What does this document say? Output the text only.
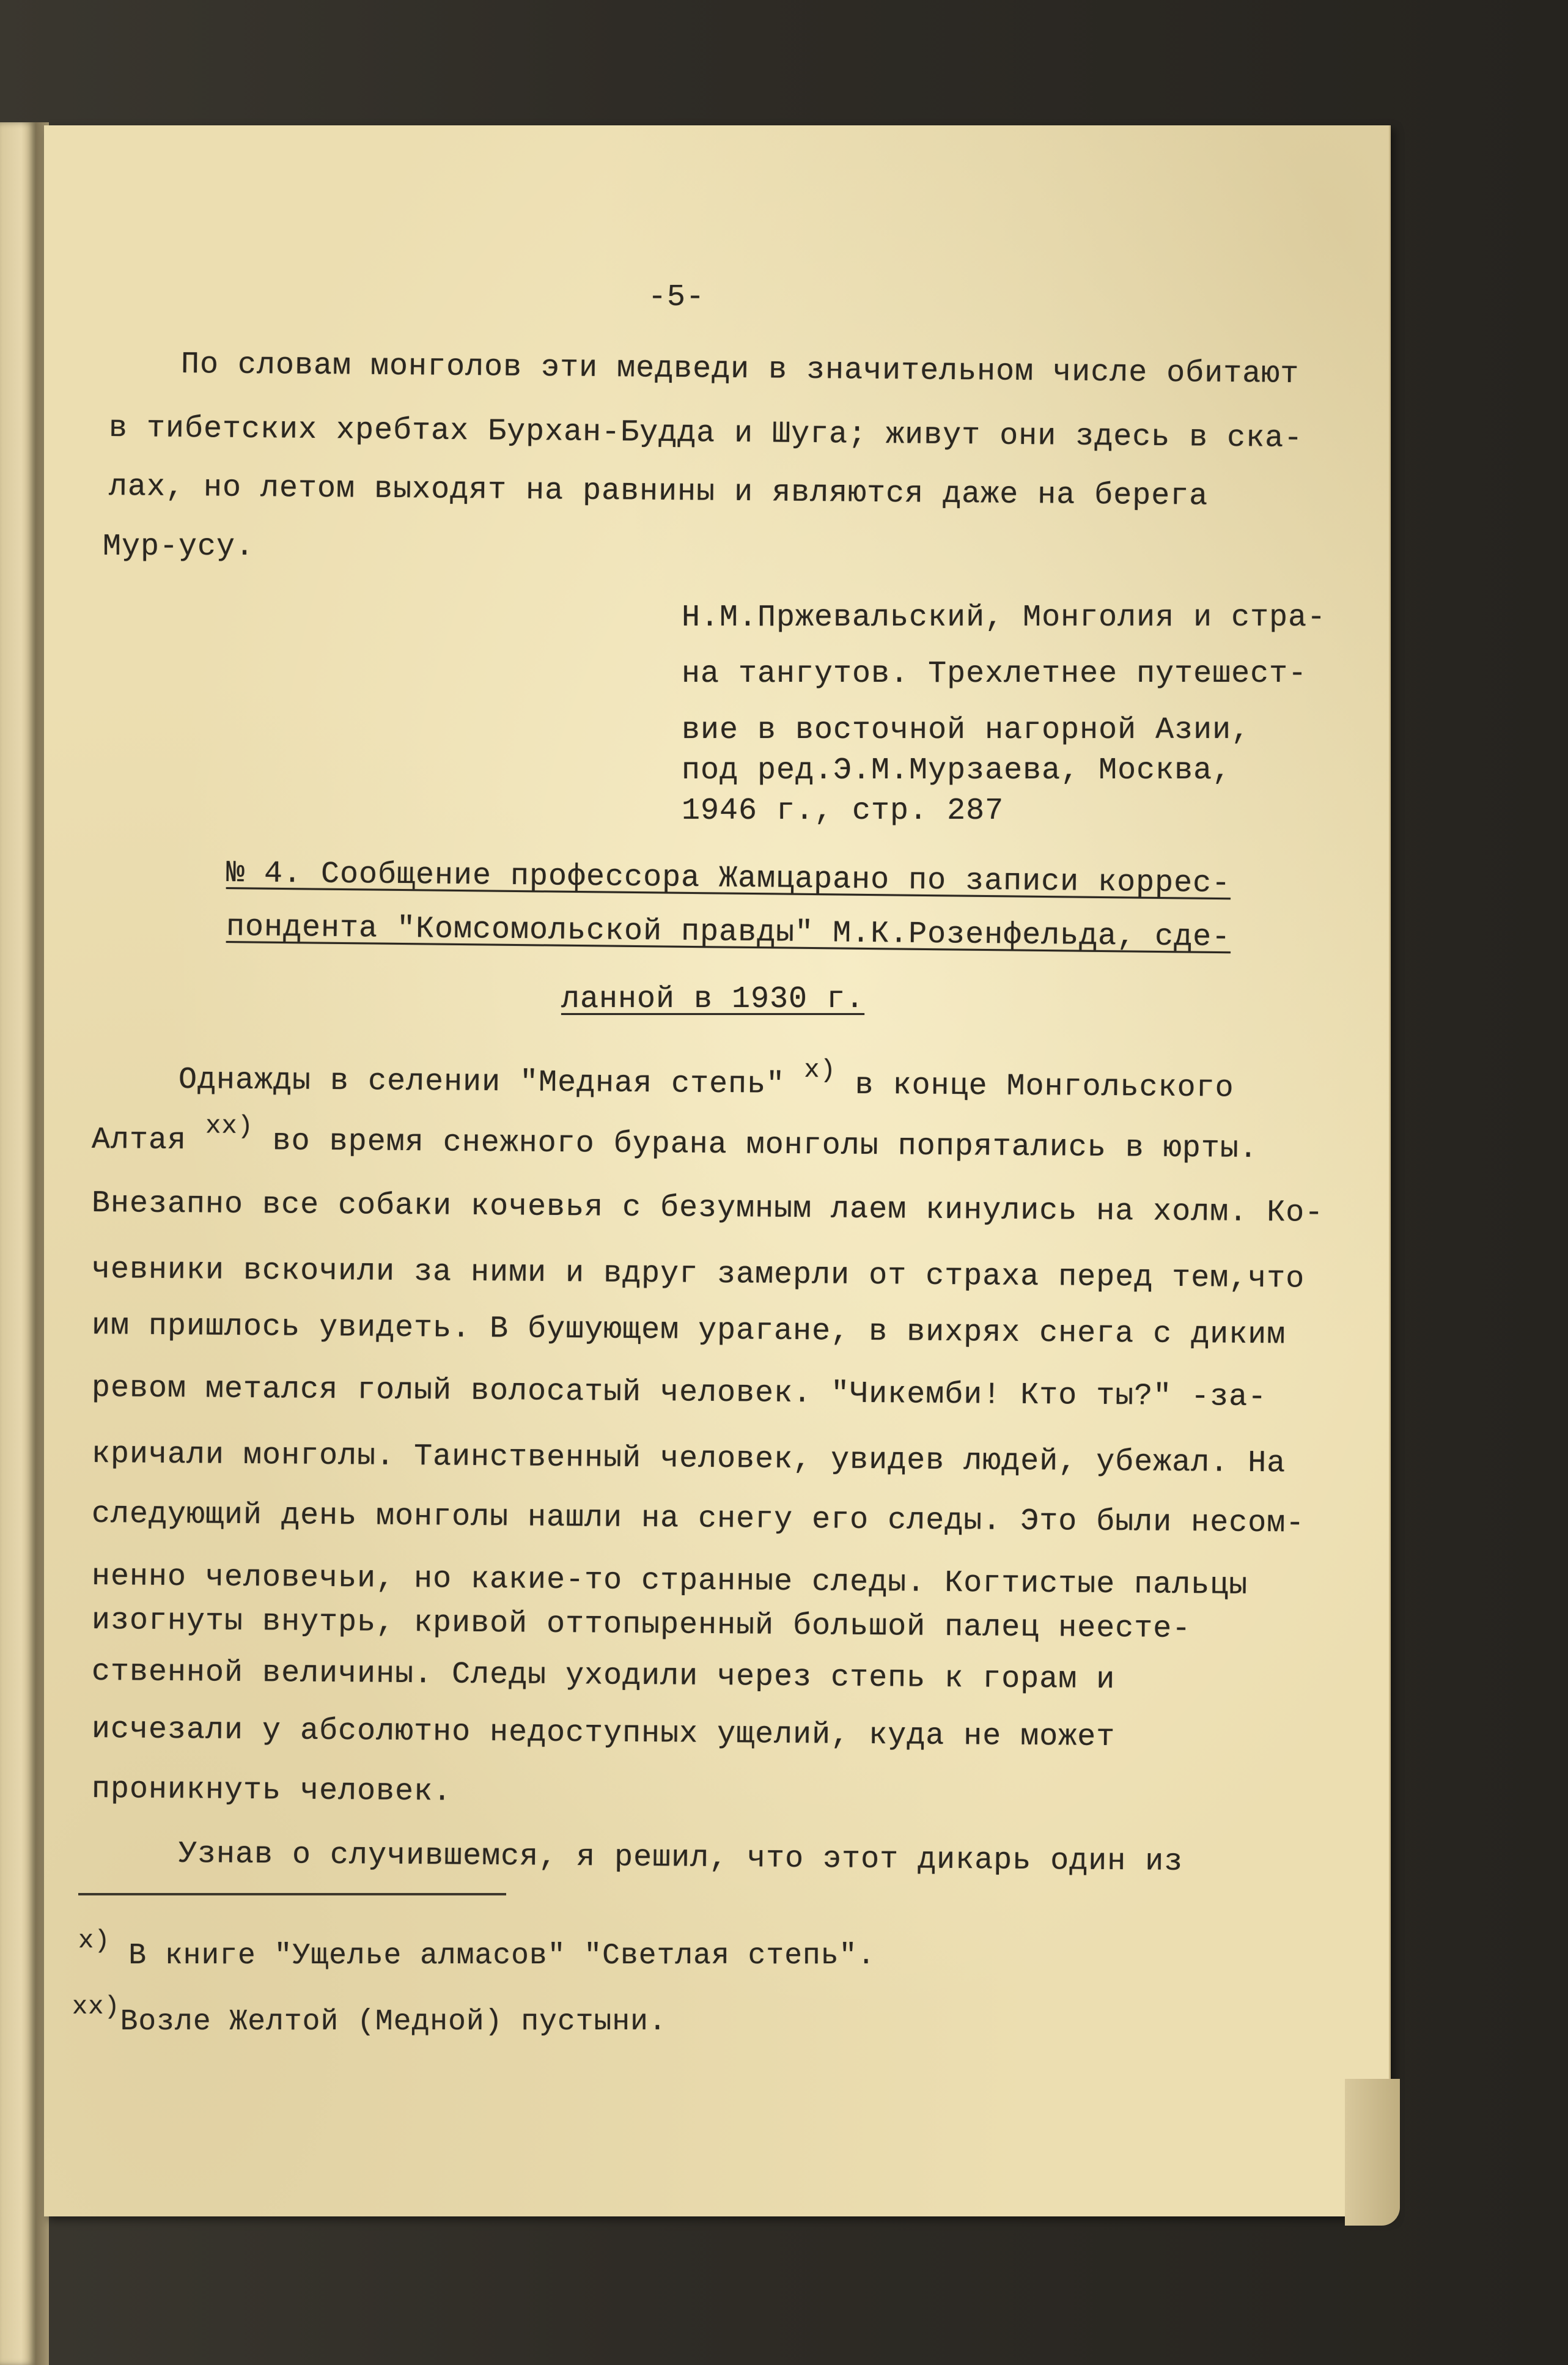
-5-

По словам монголов эти медведи в значительном числе обитают

в тибетских хребтах Бурхан-Будда и Шуга; живут они здесь в ска-

лах, но летом выходят на равнины и являются даже на берега

Мур-усу.

Н.М.Пржевальский, Монголия и стра-

на тангутов. Трехлетнее путешест-

вие в восточной нагорной Азии,

под ред.Э.М.Мурзаева, Москва,

1946 г., стр. 287

№ 4. Сообщение профессора Жамцарано по записи коррес-

пондента "Комсомольской правды" М.К.Розенфельда, сде-

ланной в 1930 г.

Однажды в селении "Медная степь" $^{x)}$ в конце Монгольского

Алтая $^{xx)}$ во время снежного бурана монголы попрятались в юрты.

Внезапно все собаки кочевья с безумным лаем кинулись на холм. Ко-

чевники вскочили за ними и вдруг замерли от страха перед тем,что

им пришлось увидеть. В бушующем урагане, в вихрях снега с диким

ревом метался голый волосатый человек. "Чикемби! Кто ты?" -за-

кричали монголы. Таинственный человек, увидев людей, убежал. На

следующий день монголы нашли на снегу его следы. Это были несом-

ненно человечьи, но какие-то странные следы. Когтистые пальцы

изогнуты внутрь, кривой оттопыренный большой палец неесте-

ственной величины. Следы уходили через степь к горам и

исчезали у абсолютно недоступных ущелий, куда не может

проникнуть человек.

Узнав о случившемся, я решил, что этот дикарь один из

x) В книге "Ущелье алмасов" "Светлая степь".

xx)Возле Желтой (Медной) пустыни.
